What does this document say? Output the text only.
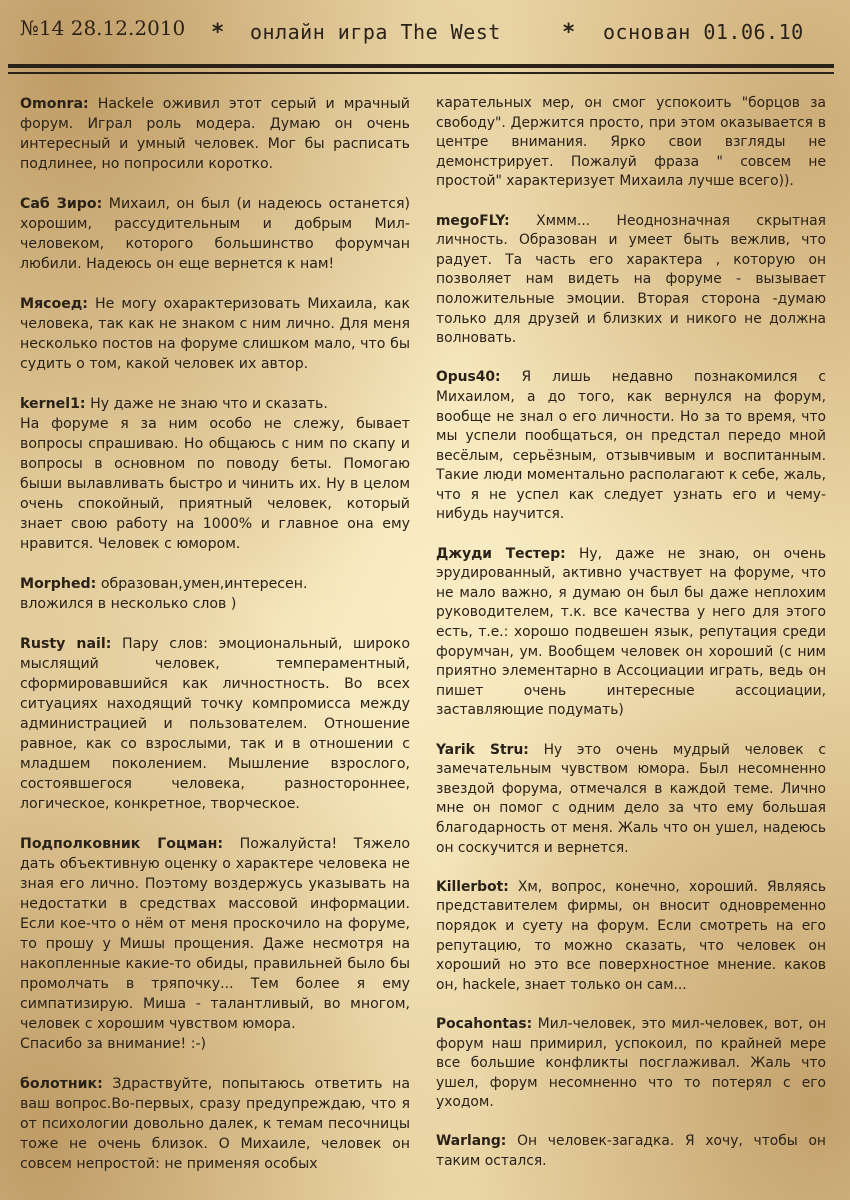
№14 28.12.2010 * онлайн игра The West	* основан 01.06.10

Omonra: Hackele оживил этот серый и мрачный форум. Играл роль модера. Думаю он очень интересный и умный человек. Мог бы расписать подлинее, но попросили коротко.

Саб Зиро: Михаил, он был (и надеюсь останется) хорошим, рассудительным и добрым Мил-человеком, которого большинство форумчан любили. Надеюсь он еще вернется к нам!

Мясоед: Не могу охарактеризовать Михаила, как человека, так как не знаком с ним лично. Для меня несколько постов на форуме слишком мало, что бы судить о том, какой человек их автор.

kernel1: Ну даже не знаю что и сказать.
На форуме я за ним особо не слежу, бывает вопросы спрашиваю. Но общаюсь с ним по скапу и вопросы в основном по поводу беты. Помогаю быши вылавливать быстро и чинить их. Ну в целом очень спокойный, приятный человек, который знает свою работу на 1000% и главное она ему нравится. Человек с юмором.

Morphed: образован,умен,интересен.
вложился в несколько слов )

Rusty nail: Пару слов: эмоциональный, широко мыслящий человек, темпераментный, сформировавшийся как личностность. Во всех ситуациях находящий точку компромисса между администрацией и пользователем. Отношение равное, как со взрослыми, так и в отношении с младшем поколением. Мышление взрослого, состоявшегося человека, разностороннее, логическое, конкретное, творческое.

Подполковник Гоцман: Пожалуйста! Тяжело дать объективную оценку о характере человека не зная его лично. Поэтому воздержусь указывать на недостатки в средствах массовой информации. Если кое-что о нём от меня проскочило на форуме, то прошу у Мишы прощения. Даже несмотря на накопленные какие-то обиды, правильней было бы промолчать в тряпочку... Тем более я ему симпатизирую. Миша - талантливый, во многом, человек с хорошим чувством юмора.
Спасибо за внимание! :-)

болотник: Здраствуйте, попытаюсь ответить на ваш вопрос.Во-первых, сразу предупреждаю, что я от психологии довольно далек, к темам песочницы тоже не очень близок. О Михаиле, человек он совсем непростой: не применяя особых

карательных мер, он смог успокоить "борцов за свободу". Держится просто, при этом оказывается в центре внимания. Ярко свои взгляды не демонстрирует. Пожалуй фраза " совсем не простой" характеризует Михаила лучше всего)).

megoFLY: Хммм... Неоднозначная скрытная личность. Образован и умеет быть вежлив, что радует. Та часть его характера , которую он позволяет нам видеть на форуме - вызывает положительные эмоции. Вторая сторона -думаю только для друзей и близких и никого не должна волновать.

Opus40: Я лишь недавно познакомился с Михаилом, а до того, как вернулся на форум, вообще не знал о его личности. Но за то время, что мы успели пообщаться, он предстал передо мной весёлым, серьёзным, отзывчивым и воспитанным. Такие люди моментально располагают к себе, жаль, что я не успел как следует узнать его и чему-нибудь научится.

Джуди Тестер: Ну, даже не знаю, он очень эрудированный, активно участвует на форуме, что не мало важно, я думаю он был бы даже неплохим руководителем, т.к. все качества у него для этого есть, т.е.: хорошо подвешен язык, репутация среди форумчан, ум. Вообщем человек он хороший (с ним приятно элементарно в Ассоциации играть, ведь он пишет очень интересные ассоциации, заставляющие подумать)

Yarik Stru: Ну это очень мудрый человек с замечательным чувством юмора. Был несомненно звездой форума, отмечался в каждой теме. Лично мне он помог с одним дело за что ему большая благодарность от меня. Жаль что он ушел, надеюсь он соскучится и вернется.

Killerbot: Хм, вопрос, конечно, хороший. Являясь представителем фирмы, он вносит одновременно порядок и суету на форум. Если смотреть на его репутацию, то можно сказать, что человек он хороший но это все поверхностное мнение. каков он, hackele, знает только он сам...

Pocahontas: Мил-человек, это мил-человек, вот, он форум наш примирил, успокоил, по крайней мере все большие конфликты посглаживал. Жаль что ушел, форум несомненно что то потерял с его уходом.

Warlang: Он человек-загадка. Я хочу, чтобы он таким остался.
